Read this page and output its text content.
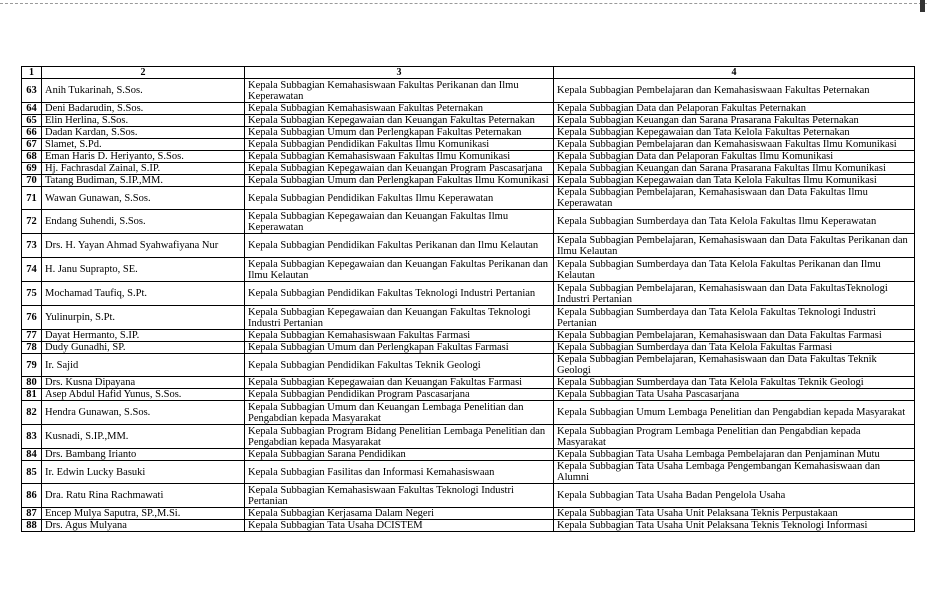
1	2	3	4
63	Anih Tukarinah, S.Sos.	Kepala Subbagian Kemahasiswaan Fakultas Perikanan dan Ilmu Keperawatan	Kepala Subbagian Pembelajaran dan Kemahasiswaan Fakultas Peternakan
64	Deni Badarudin, S.Sos.	Kepala Subbagian Kemahasiswaan Fakultas Peternakan	Kepala Subbagian Data dan Pelaporan Fakultas Peternakan
65	Elin Herlina, S.Sos.	Kepala Subbagian Kepegawaian dan Keuangan Fakultas Peternakan	Kepala Subbagian Keuangan dan Sarana Prasarana Fakultas Peternakan
66	Dadan Kardan, S.Sos.	Kepala Subbagian Umum dan Perlengkapan Fakultas Peternakan	Kepala Subbagian Kepegawaian dan Tata Kelola Fakultas Peternakan
67	Slamet, S.Pd.	Kepala Subbagian Pendidikan Fakultas Ilmu Komunikasi	Kepala Subbagian Pembelajaran dan Kemahasiswaan Fakultas Ilmu Komunikasi
68	Eman Haris D. Heriyanto, S.Sos.	Kepala Subbagian Kemahasiswaan Fakultas Ilmu Komunikasi	Kepala Subbagian Data dan Pelaporan Fakultas Ilmu Komunikasi
69	Hj. Fachrasdal Zainal, S.IP.	Kepala Subbagian Kepegawaian dan Keuangan Program Pascasarjana	Kepala Subbagian Keuangan dan Sarana Prasarana Fakultas Ilmu Komunikasi
70	Tatang Budiman, S.IP.,MM.	Kepala Subbagian Umum dan Perlengkapan Fakultas Ilmu Komunikasi	Kepala Subbagian Kepegawaian dan Tata Kelola Fakultas Ilmu Komunikasi
71	Wawan Gunawan, S.Sos.	Kepala Subbagian Pendidikan Fakultas Ilmu Keperawatan	Kepala Subbagian Pembelajaran, Kemahasiswaan dan Data Fakultas Ilmu Keperawatan
72	Endang Suhendi, S.Sos.	Kepala Subbagian Kepegawaian dan Keuangan Fakultas Ilmu Keperawatan	Kepala Subbagian Sumberdaya dan Tata Kelola Fakultas Ilmu Keperawatan
73	Drs. H. Yayan Ahmad Syahwafiyana Nur	Kepala Subbagian Pendidikan Fakultas Perikanan dan Ilmu Kelautan	Kepala Subbagian Pembelajaran, Kemahasiswaan dan Data Fakultas Perikanan dan Ilmu Kelautan
74	H. Janu Suprapto, SE.	Kepala Subbagian Kepegawaian dan Keuangan Fakultas Perikanan dan Ilmu Kelautan	Kepala Subbagian Sumberdaya dan Tata Kelola Fakultas Perikanan dan Ilmu Kelautan
75	Mochamad Taufiq, S.Pt.	Kepala Subbagian Pendidikan Fakultas Teknologi Industri Pertanian	Kepala Subbagian Pembelajaran, Kemahasiswaan dan Data FakultasTeknologi Industri Pertanian
76	Yulinurpin, S.Pt.	Kepala Subbagian Kepegawaian dan Keuangan Fakultas Teknologi Industri Pertanian	Kepala Subbagian Sumberdaya dan Tata Kelola Fakultas Teknologi Industri Pertanian
77	Dayat Hermanto, S.IP.	Kepala Subbagian Kemahasiswaan Fakultas Farmasi	Kepala Subbagian Pembelajaran, Kemahasiswaan dan Data Fakultas Farmasi
78	Dudy Gunadhi, SP.	Kepala Subbagian Umum dan Perlengkapan Fakultas Farmasi	Kepala Subbagian Sumberdaya dan Tata Kelola Fakultas Farmasi
79	Ir. Sajid	Kepala Subbagian Pendidikan Fakultas Teknik Geologi	Kepala Subbagian Pembelajaran, Kemahasiswaan dan Data Fakultas Teknik Geologi
80	Drs. Kusna Dipayana	Kepala Subbagian Kepegawaian dan Keuangan Fakultas Farmasi	Kepala Subbagian Sumberdaya dan Tata Kelola Fakultas Teknik Geologi
81	Asep Abdul Hafid Yunus, S.Sos.	Kepala Subbagian Pendidikan Program Pascasarjana	Kepala Subbagian Tata Usaha Pascasarjana
82	Hendra Gunawan, S.Sos.	Kepala Subbagian Umum dan Keuangan Lembaga Penelitian dan Pengabdian kepada Masyarakat	Kepala Subbagian Umum Lembaga Penelitian dan Pengabdian kepada Masyarakat
83	Kusnadi, S.IP.,MM.	Kepala Subbagian Program Bidang Penelitian Lembaga Penelitian dan Pengabdian kepada Masyarakat	Kepala Subbagian Program Lembaga Penelitian dan Pengabdian kepada Masyarakat
84	Drs. Bambang Irianto	Kepala Subbagian Sarana Pendidikan	Kepala Subbagian Tata Usaha Lembaga Pembelajaran dan Penjaminan Mutu
85	Ir. Edwin Lucky Basuki	Kepala Subbagian Fasilitas dan Informasi Kemahasiswaan	Kepala Subbagian Tata Usaha Lembaga Pengembangan Kemahasiswaan dan Alumni
86	Dra. Ratu Rina Rachmawati	Kepala Subbagian Kemahasiswaan Fakultas Teknologi Industri Pertanian	Kepala Subbagian Tata Usaha Badan Pengelola Usaha
87	Encep Mulya Saputra, SP.,M.Si.	Kepala Subbagian Kerjasama Dalam Negeri	Kepala Subbagian Tata Usaha Unit Pelaksana Teknis Perpustakaan
88	Drs. Agus Mulyana	Kepala Subbagian Tata Usaha DCISTEM	Kepala Subbagian Tata Usaha Unit Pelaksana Teknis Teknologi Informasi
